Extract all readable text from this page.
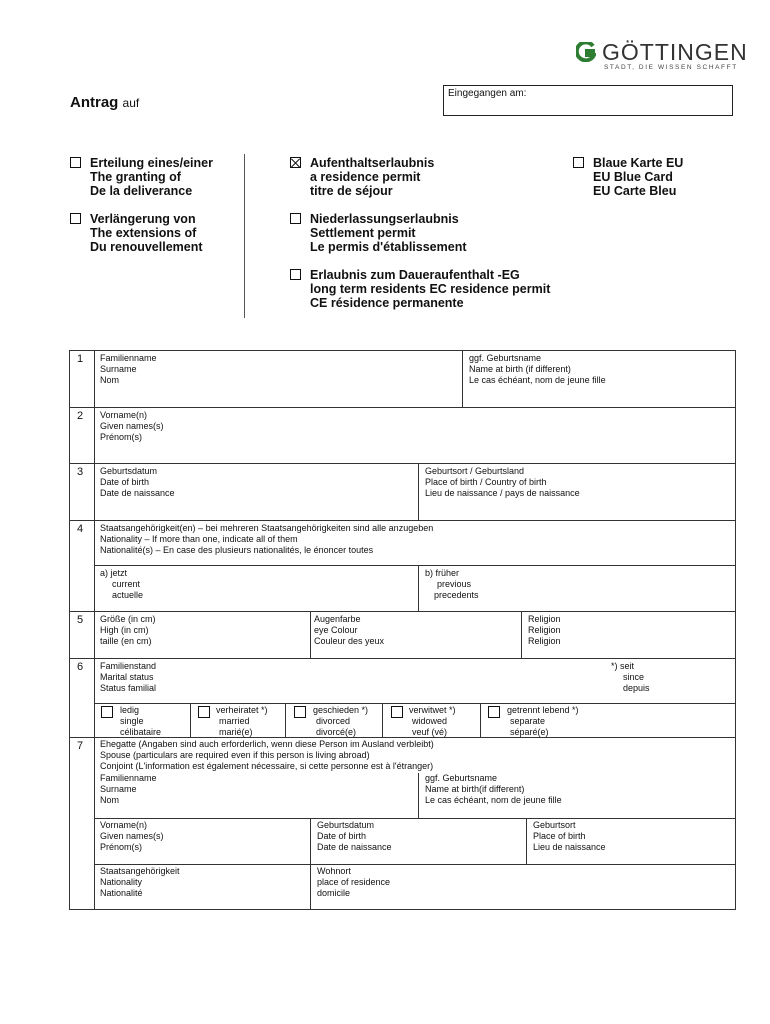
GÖTTINGEN
STADT, DIE WISSEN SCHAFFT
Eingegangen am:
Antrag auf
Erteilung eines/einer
The granting of
De la deliverance
Verlängerung von
The extensions of
Du renouvellement
Aufenthaltserlaubnis
a residence permit
titre de séjour
Niederlassungserlaubnis
Settlement permit
Le permis d'établissement
Erlaubnis zum Daueraufenthalt -EG
long term residents EC residence permit
CE résidence permanente
Blaue Karte EU
EU Blue Card
EU Carte Bleu
1 Familienname
Surname
Nom
ggf. Geburtsname
Name at birth (if different)
Le cas échéant, nom de jeune fille
2 Vorname(n)
Given names(s)
Prénom(s)
3 Geburtsdatum
Date of birth
Date de naissance
Geburtsort / Geburtsland
Place of birth / Country of birth
Lieu de naissance / pays de naissance
4 Staatsangehörigkeit(en) – bei mehreren Staatsangehörigkeiten sind alle anzugeben
Nationality – If more than one, indicate all of them
Nationalité(s) – En case des plusieurs nationalités, le énoncer toutes
a) jetzt
current
actuelle
b) früher
previous
precedents
5 Größe (in cm)
High (in cm)
taille (en cm)
Augenfarbe
eye Colour
Couleur des yeux
Religion
Religion
Religion
6 Familienstand
Marital status
Status familial
*) seit
since
depuis
ledig
single
célibataire
verheiratet *)
married
marié(e)
geschieden *)
divorced
divorcé(e)
verwitwet *)
widowed
veuf (vé)
getrennt lebend *)
separate
séparé(e)
7 Ehegatte (Angaben sind auch erforderlich, wenn diese Person im Ausland verbleibt)
Spouse (particulars are required even if this person is living abroad)
Conjoint (L'information est également nécessaire, si cette personne est à l'étranger)
Familienname
Surname
Nom
ggf. Geburtsname
Name at birth(if different)
Le cas échéant, nom de jeune fille
Vorname(n)
Given names(s)
Prénom(s)
Geburtsdatum
Date of birth
Date de naissance
Geburtsort
Place of birth
Lieu de naissance
Staatsangehörigkeit
Nationality
Nationalité
Wohnort
place of residence
domicile
